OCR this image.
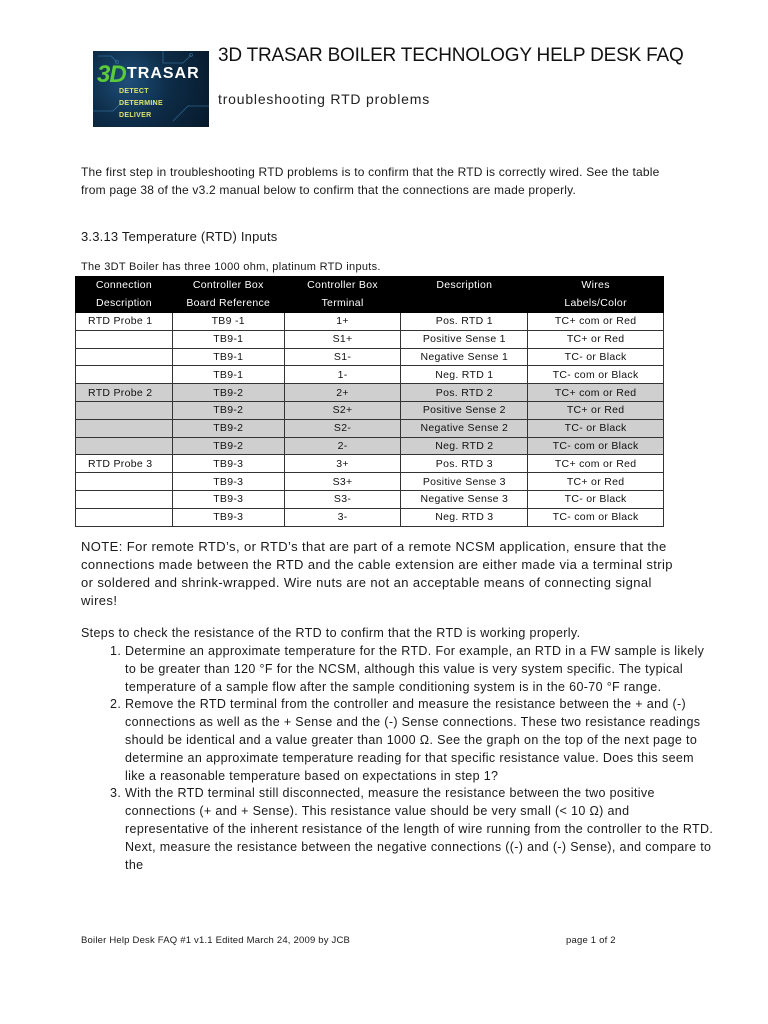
3D TRASAR
DETECT
DETERMINE
DELIVER
3D TRASAR BOILER TECHNOLOGY HELP DESK FAQ
troubleshooting RTD problems

The first step in troubleshooting RTD problems is to confirm that the RTD is correctly wired. See the table from page 38 of the v3.2 manual below to confirm that the connections are made properly.

3.3.13 Temperature (RTD) Inputs
The 3DT Boiler has three 1000 ohm, platinum RTD inputs.
Connection	Controller Box	Controller Box	Description	Wires
Description	Board Reference	Terminal		Labels/Color
RTD Probe 1	TB9 -1	1+	Pos. RTD 1	TC+ com or Red
	TB9-1	S1+	Positive Sense 1	TC+ or Red
	TB9-1	S1-	Negative Sense 1	TC- or Black
	TB9-1	1-	Neg. RTD 1	TC- com or Black
RTD Probe 2	TB9-2	2+	Pos. RTD 2	TC+ com or Red
	TB9-2	S2+	Positive Sense 2	TC+ or Red
	TB9-2	S2-	Negative Sense 2	TC- or Black
	TB9-2	2-	Neg. RTD 2	TC- com or Black
RTD Probe 3	TB9-3	3+	Pos. RTD 3	TC+ com or Red
	TB9-3	S3+	Positive Sense 3	TC+ or Red
	TB9-3	S3-	Negative Sense 3	TC- or Black
	TB9-3	3-	Neg. RTD 3	TC- com or Black

NOTE: For remote RTD’s, or RTD’s that are part of a remote NCSM application, ensure that the connections made between the RTD and the cable extension are either made via a terminal strip or soldered and shrink-wrapped. Wire nuts are not an acceptable means of connecting signal wires!

Steps to check the resistance of the RTD to confirm that the RTD is working properly.

1. Determine an approximate temperature for the RTD. For example, an RTD in a FW sample is likely to be greater than 120 °F for the NCSM, although this value is very system specific. The typical temperature of a sample flow after the sample conditioning system is in the 60-70 °F range.
2. Remove the RTD terminal from the controller and measure the resistance between the + and (-) connections as well as the + Sense and the (-) Sense connections. These two resistance readings should be identical and a value greater than 1000 Ω. See the graph on the top of the next page to determine an approximate temperature reading for that specific resistance value. Does this seem like a reasonable temperature based on expectations in step 1?
3. With the RTD terminal still disconnected, measure the resistance between the two positive connections (+ and + Sense). This resistance value should be very small (< 10 Ω) and representative of the inherent resistance of the length of wire running from the controller to the RTD. Next, measure the resistance between the negative connections ((-) and (-) Sense), and compare to the
Boiler Help Desk FAQ #1 v1.1 Edited March 24, 2009 by JCB	page 1 of 2
